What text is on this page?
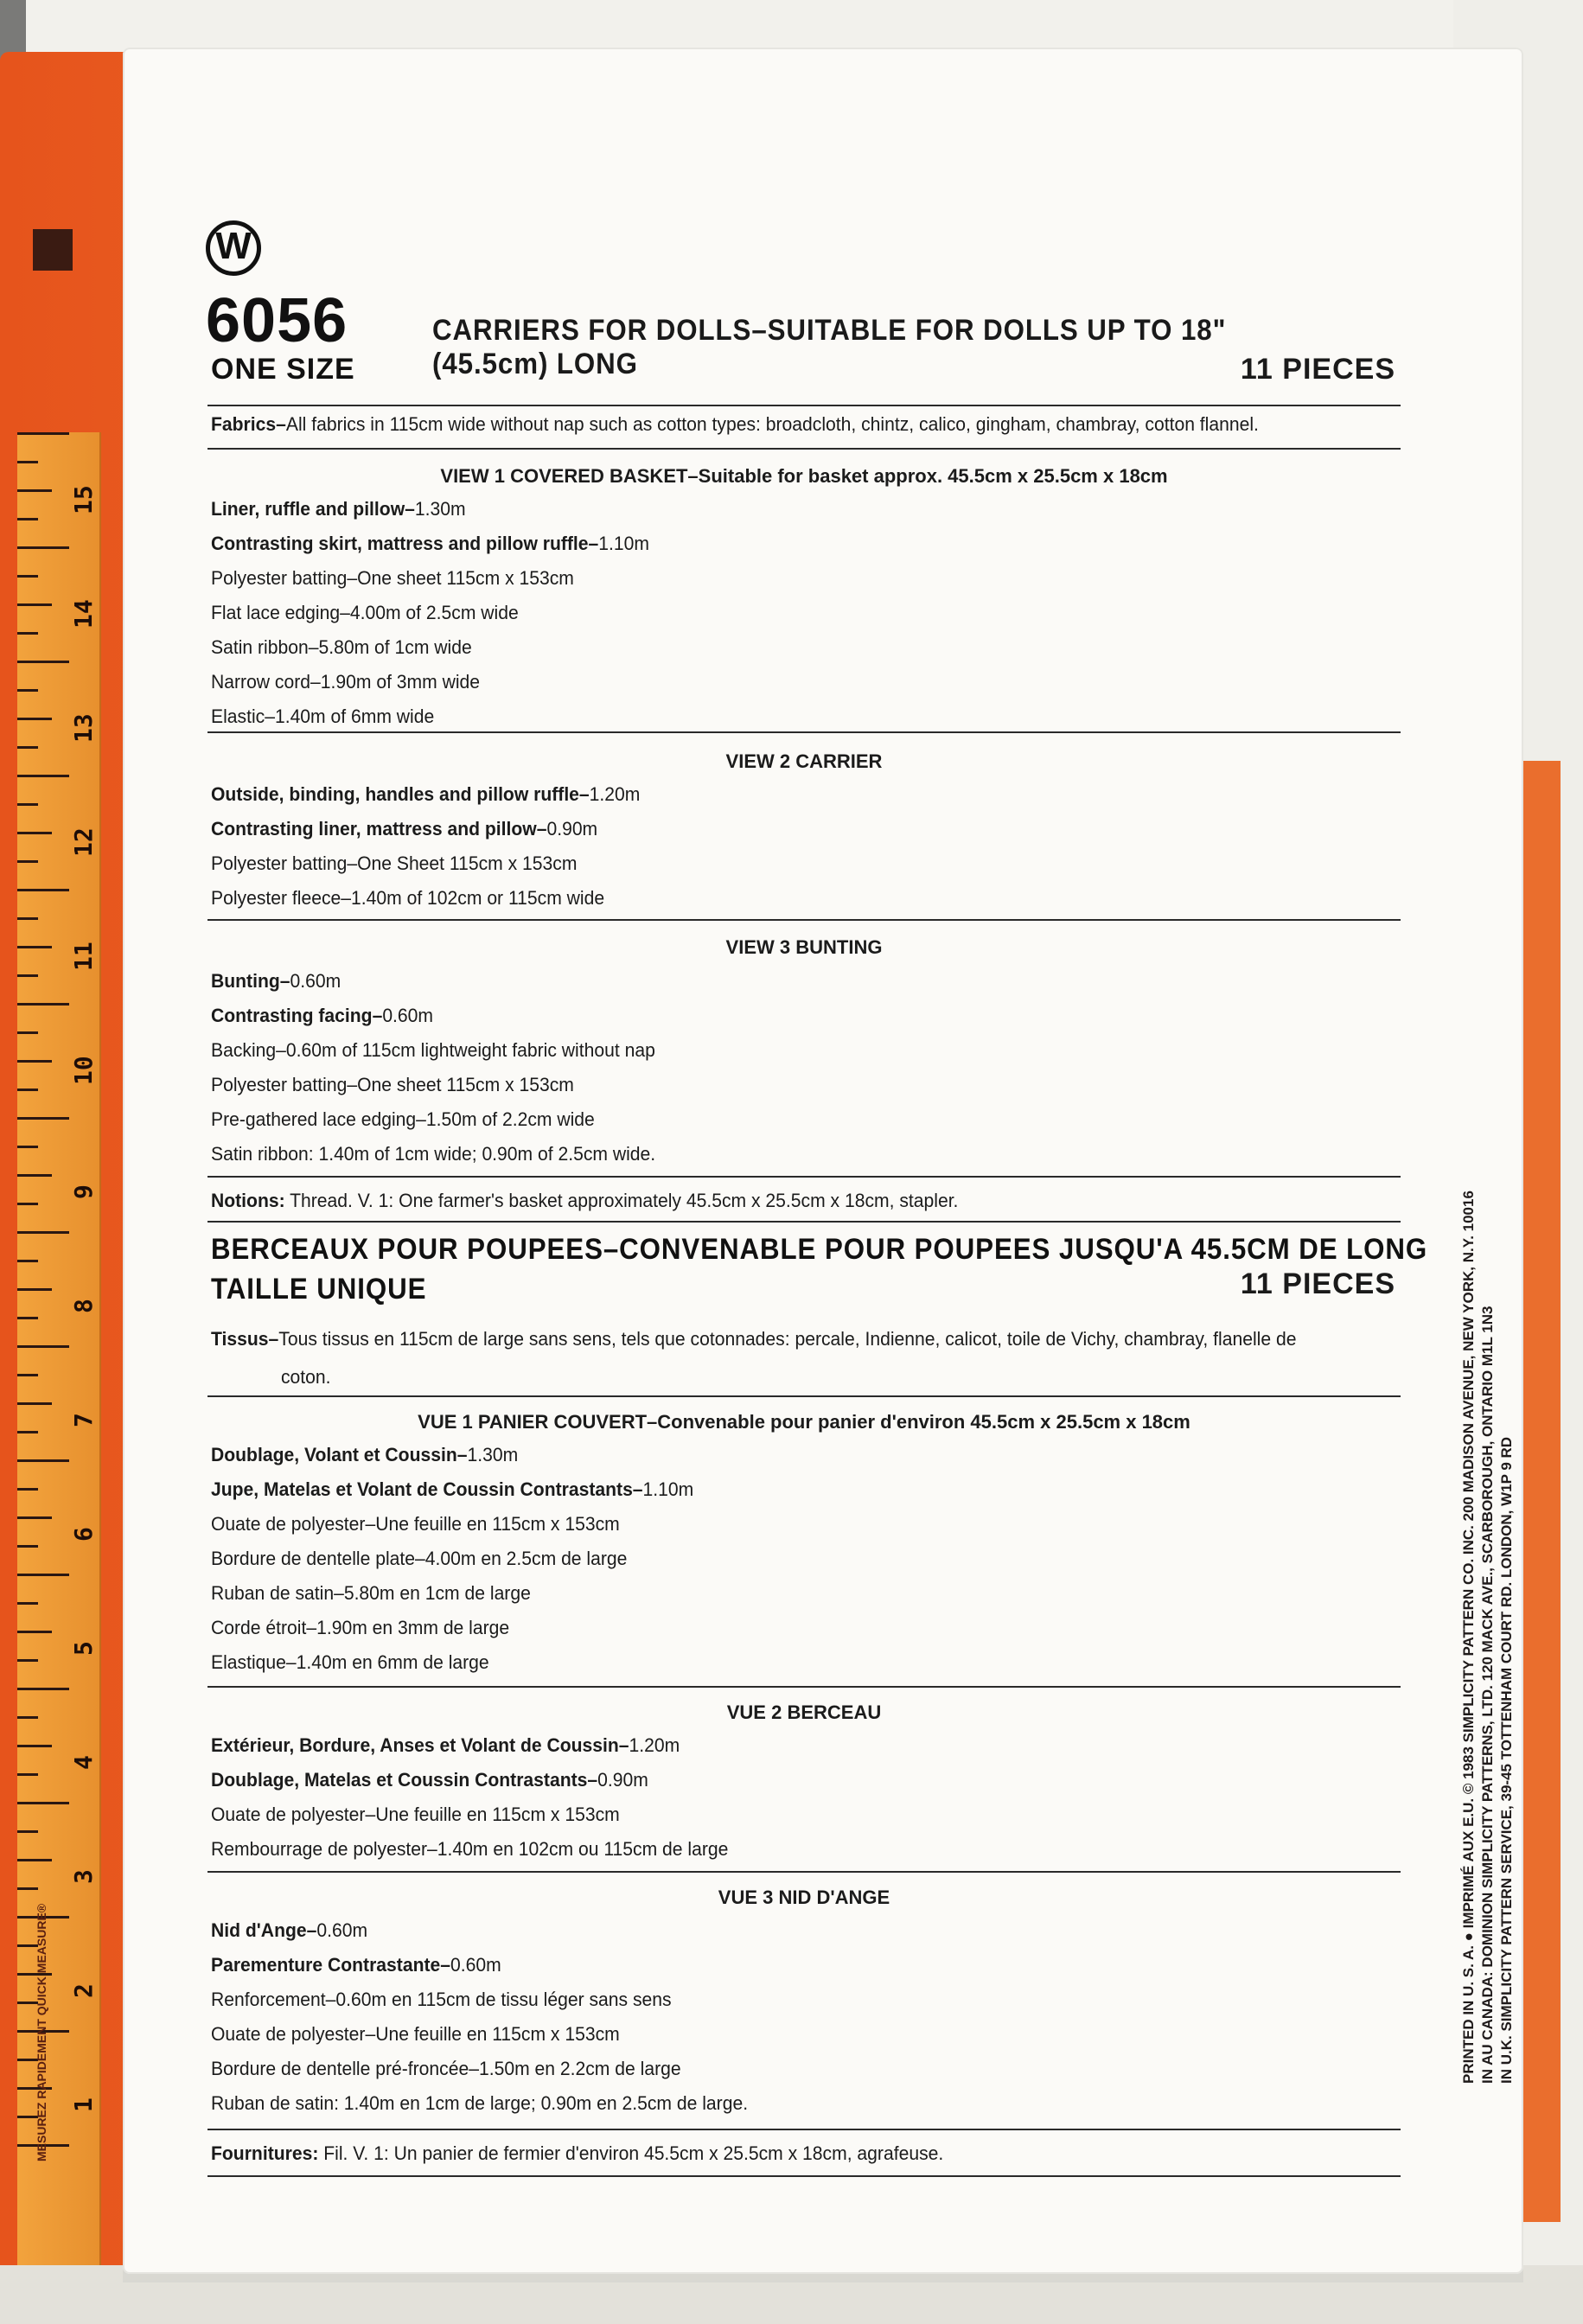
15
14
13
12
11
10
9
8
7
6
5
4
3
2
1
MESUREZ RAPIDEMENT QUICK MEASURE®
W
6056
ONE SIZE
CARRIERS FOR DOLLS–SUITABLE FOR DOLLS UP TO 18" (45.5cm) LONG	11 PIECES
Fabrics–All fabrics in 115cm wide without nap such as cotton types: broadcloth, chintz, calico, gingham, chambray, cotton flannel.
VIEW 1 COVERED BASKET–Suitable for basket approx. 45.5cm x 25.5cm x 18cm
Liner, ruffle and pillow–1.30m
Contrasting skirt, mattress and pillow ruffle–1.10m
Polyester batting–One sheet 115cm x 153cm
Flat lace edging–4.00m of 2.5cm wide
Satin ribbon–5.80m of 1cm wide
Narrow cord–1.90m of 3mm wide
Elastic–1.40m of 6mm wide
VIEW 2 CARRIER
Outside, binding, handles and pillow ruffle–1.20m
Contrasting liner, mattress and pillow–0.90m
Polyester batting–One Sheet 115cm x 153cm
Polyester fleece–1.40m of 102cm or 115cm wide
VIEW 3 BUNTING
Bunting–0.60m
Contrasting facing–0.60m
Backing–0.60m of 115cm lightweight fabric without nap
Polyester batting–One sheet 115cm x 153cm
Pre-gathered lace edging–1.50m of 2.2cm wide
Satin ribbon: 1.40m of 1cm wide; 0.90m of 2.5cm wide.
Notions: Thread. V. 1: One farmer's basket approximately 45.5cm x 25.5cm x 18cm, stapler.
BERCEAUX POUR POUPEES–CONVENABLE POUR POUPEES JUSQU'A 45.5CM DE LONG
TAILLE UNIQUE	11 PIECES
Tissus–Tous tissus en 115cm de large sans sens, tels que cotonnades: percale, Indienne, calicot, toile de Vichy, chambray, flanelle de
coton.
VUE 1 PANIER COUVERT–Convenable pour panier d'environ 45.5cm x 25.5cm x 18cm
Doublage, Volant et Coussin–1.30m
Jupe, Matelas et Volant de Coussin Contrastants–1.10m
Ouate de polyester–Une feuille en 115cm x 153cm
Bordure de dentelle plate–4.00m en 2.5cm de large
Ruban de satin–5.80m en 1cm de large
Corde étroit–1.90m en 3mm de large
Elastique–1.40m en 6mm de large
VUE 2 BERCEAU
Extérieur, Bordure, Anses et Volant de Coussin–1.20m
Doublage, Matelas et Coussin Contrastants–0.90m
Ouate de polyester–Une feuille en 115cm x 153cm
Rembourrage de polyester–1.40m en 102cm ou 115cm de large
VUE 3 NID D'ANGE
Nid d'Ange–0.60m
Parementure Contrastante–0.60m
Renforcement–0.60m en 115cm de tissu léger sans sens
Ouate de polyester–Une feuille en 115cm x 153cm
Bordure de dentelle pré-froncée–1.50m en 2.2cm de large
Ruban de satin: 1.40m en 1cm de large; 0.90m en 2.5cm de large.
Fournitures: Fil. V. 1: Un panier de fermier d'environ 45.5cm x 25.5cm x 18cm, agrafeuse.
PRINTED IN U. S. A. ● IMPRIMÉ AUX E.U. © 1983 SIMPLICITY PATTERN CO. INC. 200 MADISON AVENUE, NEW YORK, N.Y. 10016 IN AU CANADA: DOMINION SIMPLICITY PATTERNS, LTD. 120 MACK AVE., SCARBOROUGH, ONTARIO M1L 1N3 IN U.K. SIMPLICITY PATTERN SERVICE, 39-45 TOTTENHAM COURT RD. LONDON, W1P 9 RD
